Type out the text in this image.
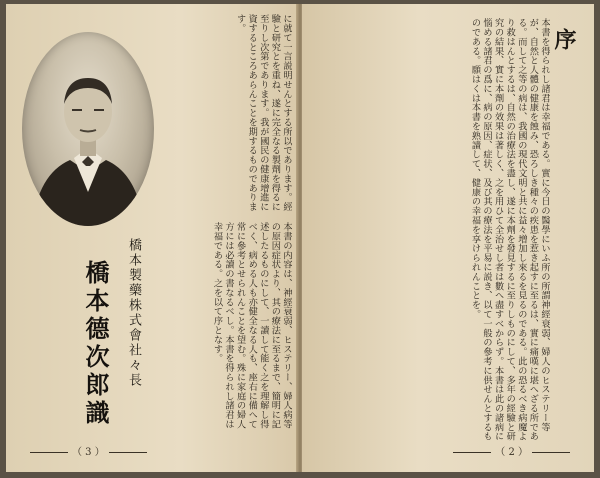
に就て一言説明せんとする所以であります。經驗と研究とを重ね、遂に完全なる製劑を得るに至りし次第であります。我が國民の健康增進に資するところあらんことを期するものであります。
橋本製藥株式會社々長
橋本德次郎識	本書の内容は、神經衰弱、ヒステリー、婦人病等の原因症状より、其の療法に至るまで、簡明に記述したるものにして、一讀して能く之を理解し得べく、病める人も亦健全なる人も、座右に備へて常に參考とせられんことを望む。殊に家庭の婦人方には必讀の書なるべし。本書を得られし諸君は幸福である。之を以て序となす。
（ 3 ）
序
本書を得られし諸君は幸福である。實に今日の醫學にいふ所の所謂神經衰弱、婦人のヒステリー等が、自然と人體の健康を蝕み、恐ろしき種々の疾患を惹き起すに至るは、實に痛嘆に堪へざる所である。而して之等の病は、我國の現代文明と共に益々増加し來るを見るのである。此の恐るべき病魔より救はんとするは、自然の治療法を盡し、遂に本劑を發見するに至りしものにして、多年の經驗と研究の結果、實に本劑の效果は著しく、之を用ひて全治せし者は數へ盡すべからず。本書は此の諸病に惱める諸君の爲に、病の原因、症状、及び其の療法を平易に説き、以て一般の參考に供せんとするものである。願はくは本書を熟讀して、健康の幸福を享けられんことを。
（ 2 ）
